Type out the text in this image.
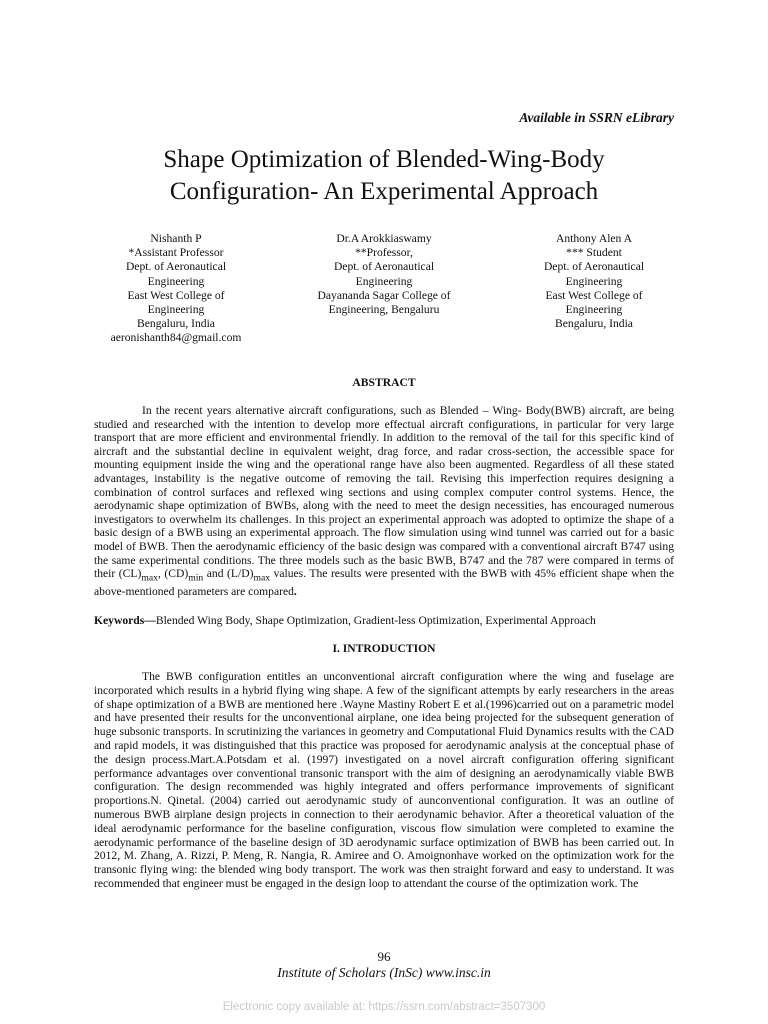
Available in SSRN eLibrary
Shape Optimization of Blended-Wing-Body
Configuration- An Experimental Approach
Nishanth P
*Assistant Professor
Dept. of Aeronautical
Engineering
East West College of
Engineering
Bengaluru, India
aeronishanth84@gmail.com
Dr.A Arokkiaswamy
**Professor,
Dept. of Aeronautical
Engineering
Dayananda Sagar College of
Engineering, Bengaluru
Anthony Alen A
*** Student
Dept. of Aeronautical
Engineering
East West College of
Engineering
Bengaluru, India
ABSTRACT

In the recent years alternative aircraft configurations, such as Blended – Wing- Body(BWB) aircraft, are being studied and researched with the intention to develop more effectual aircraft configurations, in particular for very large transport that are more efficient and environmental friendly. In addition to the removal of the tail for this specific kind of aircraft and the substantial decline in equivalent weight, drag force, and radar cross-section, the accessible space for mounting equipment inside the wing and the operational range have also been augmented. Regardless of all these stated advantages, instability is the negative outcome of removing the tail. Revising this imperfection requires designing a combination of control surfaces and reflexed wing sections and using complex computer control systems. Hence, the aerodynamic shape optimization of BWBs, along with the need to meet the design necessities, has encouraged numerous investigators to overwhelm its challenges. In this project an experimental approach was adopted to optimize the shape of a basic design of a BWB using an experimental approach. The flow simulation using wind tunnel was carried out for a basic model of BWB. Then the aerodynamic efficiency of the basic design was compared with a conventional aircraft B747 using the same experimental conditions. The three models such as the basic BWB, B747 and the 787 were compared in terms of their $(CL)_{max}$, $(CD)_{min}$ and $(L/D)_{max}$ values. The results were presented with the BWB with 45% efficient shape when the above-mentioned parameters are compared.

Keywords—Blended Wing Body, Shape Optimization, Gradient-less Optimization, Experimental Approach
I. INTRODUCTION

The BWB configuration entitles an unconventional aircraft configuration where the wing and fuselage are incorporated which results in a hybrid flying wing shape. A few of the significant attempts by early researchers in the areas of shape optimization of a BWB are mentioned here .Wayne Mastiny Robert E et al.(1996)carried out on a parametric model and have presented their results for the unconventional airplane, one idea being projected for the subsequent generation of huge subsonic transports. In scrutinizing the variances in geometry and Computational Fluid Dynamics results with the CAD and rapid models, it was distinguished that this practice was proposed for aerodynamic analysis at the conceptual phase of the design process.Mart.A.Potsdam et al. (1997) investigated on a novel aircraft configuration offering significant performance advantages over conventional transonic transport with the aim of designing an aerodynamically viable BWB configuration. The design recommended was highly integrated and offers performance improvements of significant proportions.N. Qinetal. (2004) carried out aerodynamic study of aunconventional configuration. It was an outline of numerous BWB airplane design projects in connection to their aerodynamic behavior. After a theoretical valuation of the ideal aerodynamic performance for the baseline configuration, viscous flow simulation were completed to examine the aerodynamic performance of the baseline design of 3D aerodynamic surface optimization of BWB has been carried out. In 2012, M. Zhang, A. Rizzi, P. Meng, R. Nangia, R. Amiree and O. Amoignonhave worked on the optimization work for the transonic flying wing: the blended wing body transport. The work was then straight forward and easy to understand. It was recommended that engineer must be engaged in the design loop to attendant the course of the optimization work. The

96
Institute of Scholars (InSc) www.insc.in
Electronic copy available at: https://ssrn.com/abstract=3507300
